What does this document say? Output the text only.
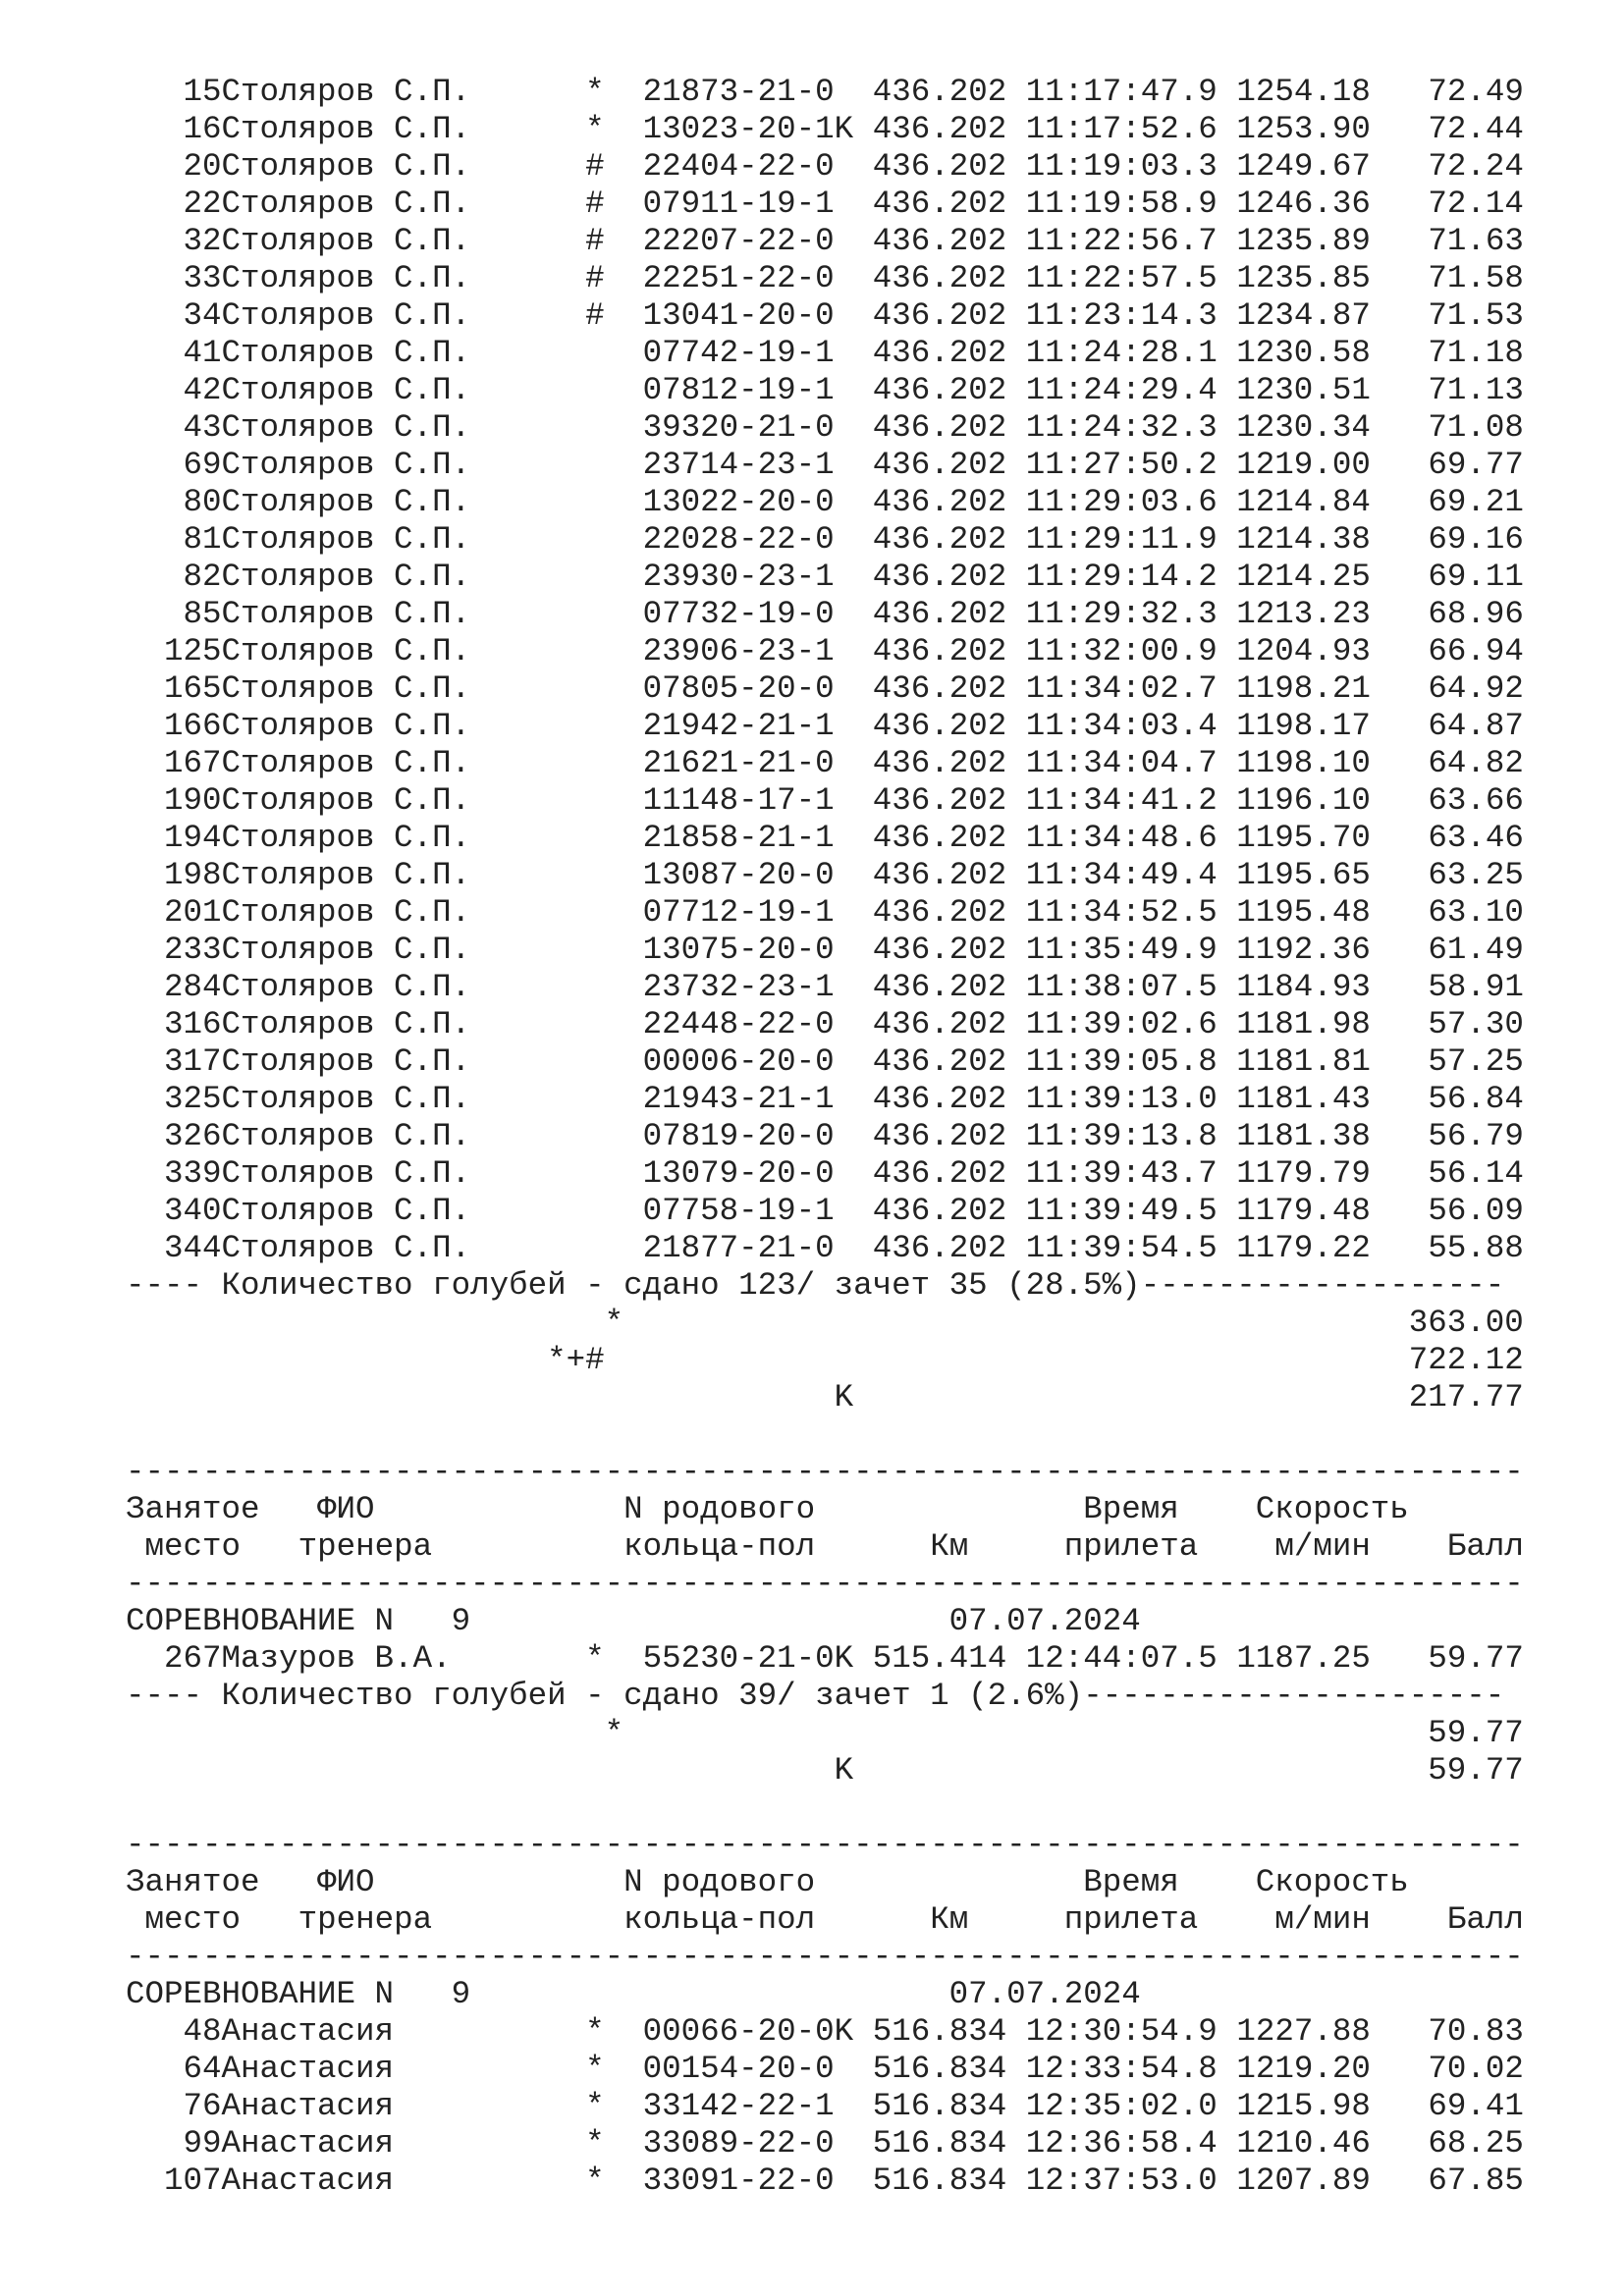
15Столяров С.П.	* 21873-21-0 436.202 11:17:47.9 1254.18 72.49
16Столяров С.П.	* 13023-20-1K 436.202 11:17:52.6 1253.90 72.44
20Столяров С.П.	# 22404-22-0 436.202 11:19:03.3 1249.67 72.24
22Столяров С.П.	# 07911-19-1 436.202 11:19:58.9 1246.36 72.14
32Столяров С.П.	# 22207-22-0 436.202 11:22:56.7 1235.89 71.63
33Столяров С.П.	# 22251-22-0 436.202 11:22:57.5 1235.85 71.58
34Столяров С.П.	# 13041-20-0 436.202 11:23:14.3 1234.87 71.53
41Столяров С.П.	07742-19-1 436.202 11:24:28.1 1230.58 71.18
42Столяров С.П.	07812-19-1 436.202 11:24:29.4 1230.51 71.13
43Столяров С.П.	39320-21-0 436.202 11:24:32.3 1230.34 71.08
69Столяров С.П.	23714-23-1 436.202 11:27:50.2 1219.00 69.77
80Столяров С.П.	13022-20-0 436.202 11:29:03.6 1214.84 69.21
81Столяров С.П.	22028-22-0 436.202 11:29:11.9 1214.38 69.16
82Столяров С.П.	23930-23-1 436.202 11:29:14.2 1214.25 69.11
85Столяров С.П.	07732-19-0 436.202 11:29:32.3 1213.23 68.96
125Столяров С.П.	23906-23-1 436.202 11:32:00.9 1204.93 66.94
165Столяров С.П.	07805-20-0 436.202 11:34:02.7 1198.21 64.92
166Столяров С.П.	21942-21-1 436.202 11:34:03.4 1198.17 64.87
167Столяров С.П.	21621-21-0 436.202 11:34:04.7 1198.10 64.82
190Столяров С.П.	11148-17-1 436.202 11:34:41.2 1196.10 63.66
194Столяров С.П.	21858-21-1 436.202 11:34:48.6 1195.70 63.46
198Столяров С.П.	13087-20-0 436.202 11:34:49.4 1195.65 63.25
201Столяров С.П.	07712-19-1 436.202 11:34:52.5 1195.48 63.10
233Столяров С.П.	13075-20-0 436.202 11:35:49.9 1192.36 61.49
284Столяров С.П.	23732-23-1 436.202 11:38:07.5 1184.93 58.91
316Столяров С.П.	22448-22-0 436.202 11:39:02.6 1181.98 57.30
317Столяров С.П.	00006-20-0 436.202 11:39:05.8 1181.81 57.25
325Столяров С.П.	21943-21-1 436.202 11:39:13.0 1181.43 56.84
326Столяров С.П.	07819-20-0 436.202 11:39:13.8 1181.38 56.79
339Столяров С.П.	13079-20-0 436.202 11:39:43.7 1179.79 56.14
340Столяров С.П.	07758-19-1 436.202 11:39:49.5 1179.48 56.09
344Столяров С.П.	21877-21-0 436.202 11:39:54.5 1179.22 55.88
---- Количество голубей - сдано 123/ зачет 35 (28.5%)-------------------
*	363.00
*+#	722.12
K	217.77
-------------------------------------------------------------------------
Занятое ФИО	N родового	Время Скорость
место тренера	кольца-пол	Км	прилета м/мин Балл
-------------------------------------------------------------------------
СОРЕВНОВАНИЕ N 9	07.07.2024
267Мазуров В.А.	* 55230-21-0K 515.414 12:44:07.5 1187.25 59.77
---- Количество голубей - сдано 39/ зачет 1 (2.6%)----------------------
*	59.77
K	59.77
-------------------------------------------------------------------------
Занятое ФИО	N родового	Время Скорость
место тренера	кольца-пол	Км	прилета м/мин Балл
-------------------------------------------------------------------------
СОРЕВНОВАНИЕ N 9	07.07.2024
48Анастасия	* 00066-20-0K 516.834 12:30:54.9 1227.88 70.83
64Анастасия	* 00154-20-0 516.834 12:33:54.8 1219.20 70.02
76Анастасия	* 33142-22-1 516.834 12:35:02.0 1215.98 69.41
99Анастасия	* 33089-22-0 516.834 12:36:58.4 1210.46 68.25
107Анастасия	* 33091-22-0 516.834 12:37:53.0 1207.89 67.85
